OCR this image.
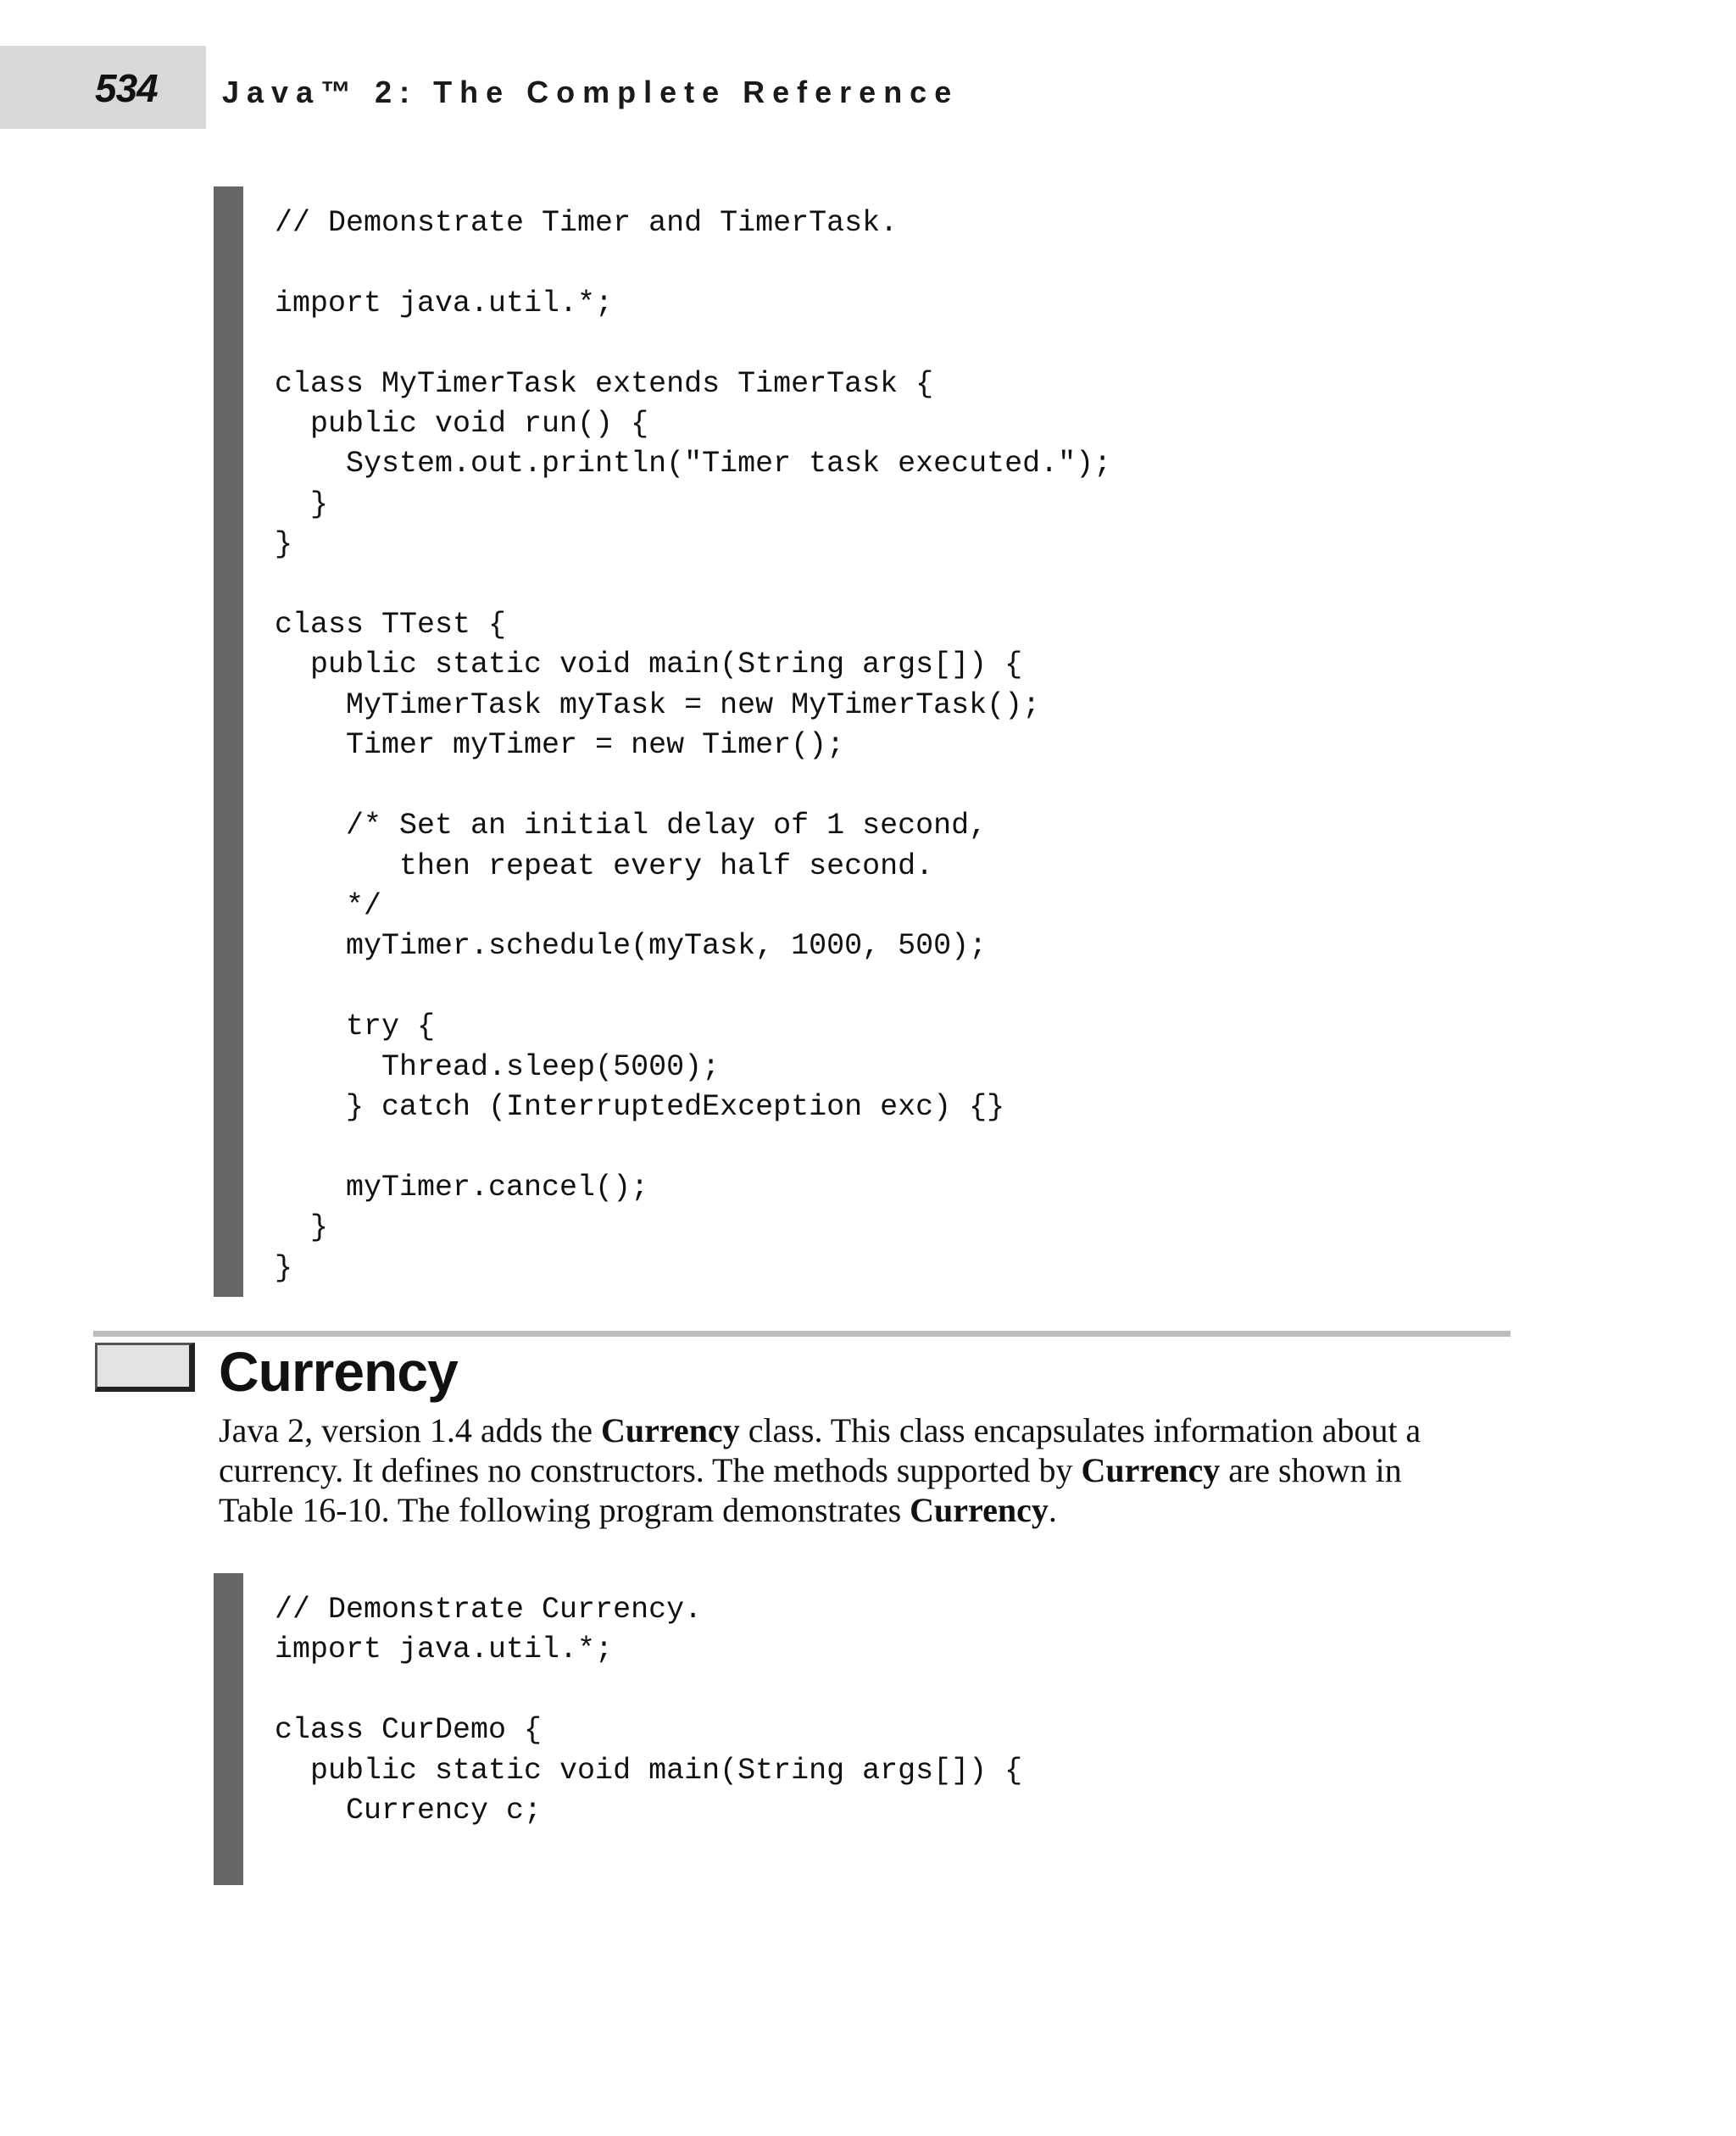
534 Java™ 2: The Complete Reference
// Demonstrate Timer and TimerTask.

import java.util.*;

class MyTimerTask extends TimerTask {
public void run() {
System.out.println("Timer task executed.");
}
}

class TTest {
public static void main(String args[]) {
MyTimerTask myTask = new MyTimerTask();
Timer myTimer = new Timer();

/* Set an initial delay of 1 second,
then repeat every half second.
*/
myTimer.schedule(myTask, 1000, 500);

try {
Thread.sleep(5000);
} catch (InterruptedException exc) {}

myTimer.cancel();
}
}
Currency

Java 2, version 1.4 adds the Currency class. This class encapsulates information about a
currency. It defines no constructors. The methods supported by Currency are shown in
Table 16-10. The following program demonstrates Currency.

// Demonstrate Currency.
import java.util.*;

class CurDemo {
public static void main(String args[]) {
Currency c;
